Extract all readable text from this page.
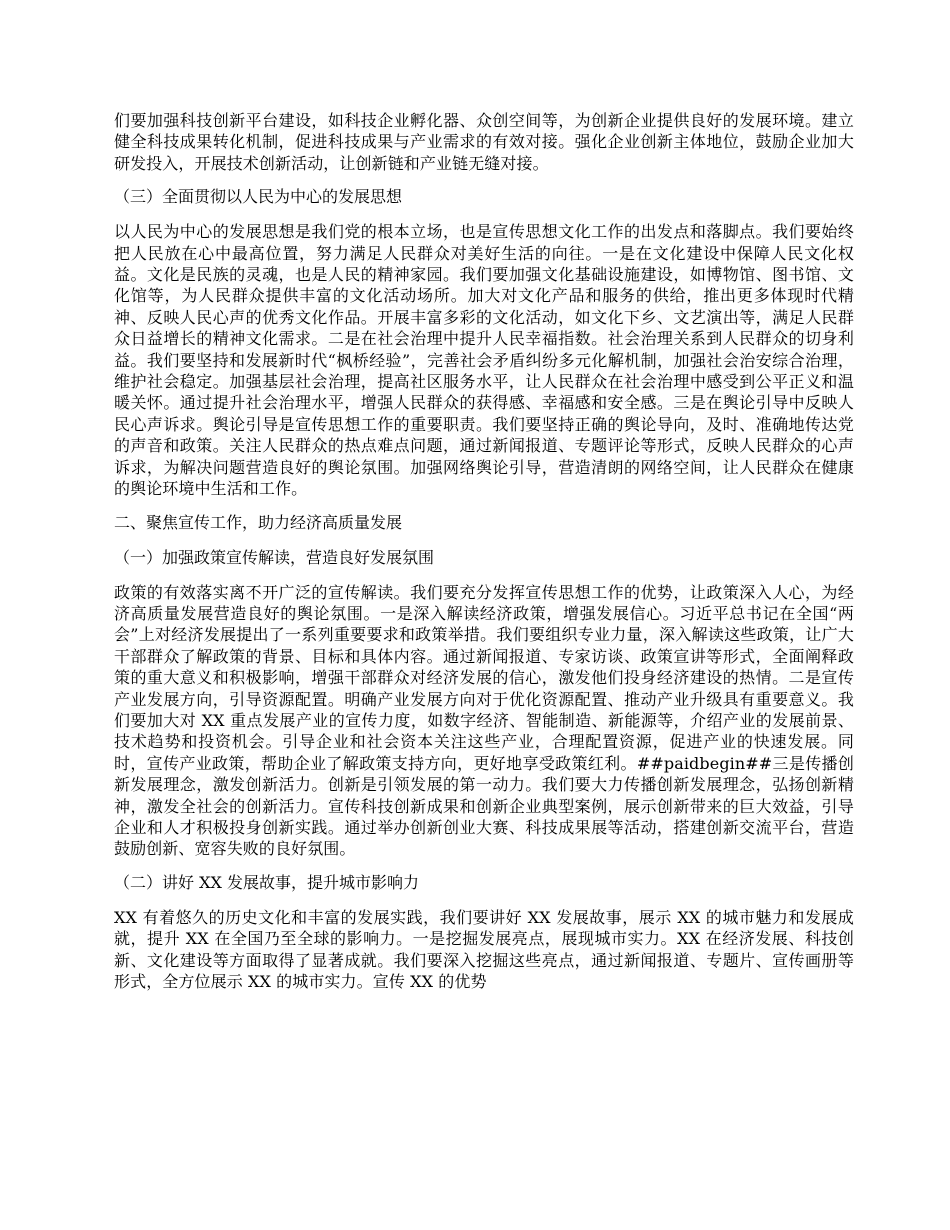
们要加强科技创新平台建设，如科技企业孵化器、众创空间等，为创新企业提供良好的发展环境。建立健全科技成果转化机制，促进科技成果与产业需求的有效对接。强化企业创新主体地位，鼓励企业加大研发投入，开展技术创新活动，让创新链和产业链无缝对接。

（三）全面贯彻以人民为中心的发展思想

以人民为中心的发展思想是我们党的根本立场，也是宣传思想文化工作的出发点和落脚点。我们要始终把人民放在心中最高位置，努力满足人民群众对美好生活的向往。一是在文化建设中保障人民文化权益。文化是民族的灵魂，也是人民的精神家园。我们要加强文化基础设施建设，如博物馆、图书馆、文化馆等，为人民群众提供丰富的文化活动场所。加大对文化产品和服务的供给，推出更多体现时代精神、反映人民心声的优秀文化作品。开展丰富多彩的文化活动，如文化下乡、文艺演出等，满足人民群众日益增长的精神文化需求。二是在社会治理中提升人民幸福指数。社会治理关系到人民群众的切身利益。我们要坚持和发展新时代“枫桥经验”，完善社会矛盾纠纷多元化解机制，加强社会治安综合治理，维护社会稳定。加强基层社会治理，提高社区服务水平，让人民群众在社会治理中感受到公平正义和温暖关怀。通过提升社会治理水平，增强人民群众的获得感、幸福感和安全感。三是在舆论引导中反映人民心声诉求。舆论引导是宣传思想工作的重要职责。我们要坚持正确的舆论导向，及时、准确地传达党的声音和政策。关注人民群众的热点难点问题，通过新闻报道、专题评论等形式，反映人民群众的心声诉求，为解决问题营造良好的舆论氛围。加强网络舆论引导，营造清朗的网络空间，让人民群众在健康的舆论环境中生活和工作。

二、聚焦宣传工作，助力经济高质量发展

（一）加强政策宣传解读，营造良好发展氛围

政策的有效落实离不开广泛的宣传解读。我们要充分发挥宣传思想工作的优势，让政策深入人心，为经济高质量发展营造良好的舆论氛围。一是深入解读经济政策，增强发展信心。习近平总书记在全国“两会”上对经济发展提出了一系列重要要求和政策举措。我们要组织专业力量，深入解读这些政策，让广大干部群众了解政策的背景、目标和具体内容。通过新闻报道、专家访谈、政策宣讲等形式，全面阐释政策的重大意义和积极影响，增强干部群众对经济发展的信心，激发他们投身经济建设的热情。二是宣传产业发展方向，引导资源配置。明确产业发展方向对于优化资源配置、推动产业升级具有重要意义。我们要加大对 XX 重点发展产业的宣传力度，如数字经济、智能制造、新能源等，介绍产业的发展前景、技术趋势和投资机会。引导企业和社会资本关注这些产业，合理配置资源，促进产业的快速发展。同时，宣传产业政策，帮助企业了解政策支持方向，更好地享受政策红利。##paidbegin##三是传播创新发展理念，激发创新活力。创新是引领发展的第一动力。我们要大力传播创新发展理念，弘扬创新精神，激发全社会的创新活力。宣传科技创新成果和创新企业典型案例，展示创新带来的巨大效益，引导企业和人才积极投身创新实践。通过举办创新创业大赛、科技成果展等活动，搭建创新交流平台，营造鼓励创新、宽容失败的良好氛围。

（二）讲好 XX 发展故事，提升城市影响力

XX 有着悠久的历史文化和丰富的发展实践，我们要讲好 XX 发展故事，展示 XX 的城市魅力和发展成就，提升 XX 在全国乃至全球的影响力。一是挖掘发展亮点，展现城市实力。XX 在经济发展、科技创新、文化建设等方面取得了显著成就。我们要深入挖掘这些亮点，通过新闻报道、专题片、宣传画册等形式，全方位展示 XX 的城市实力。宣传 XX 的优势
